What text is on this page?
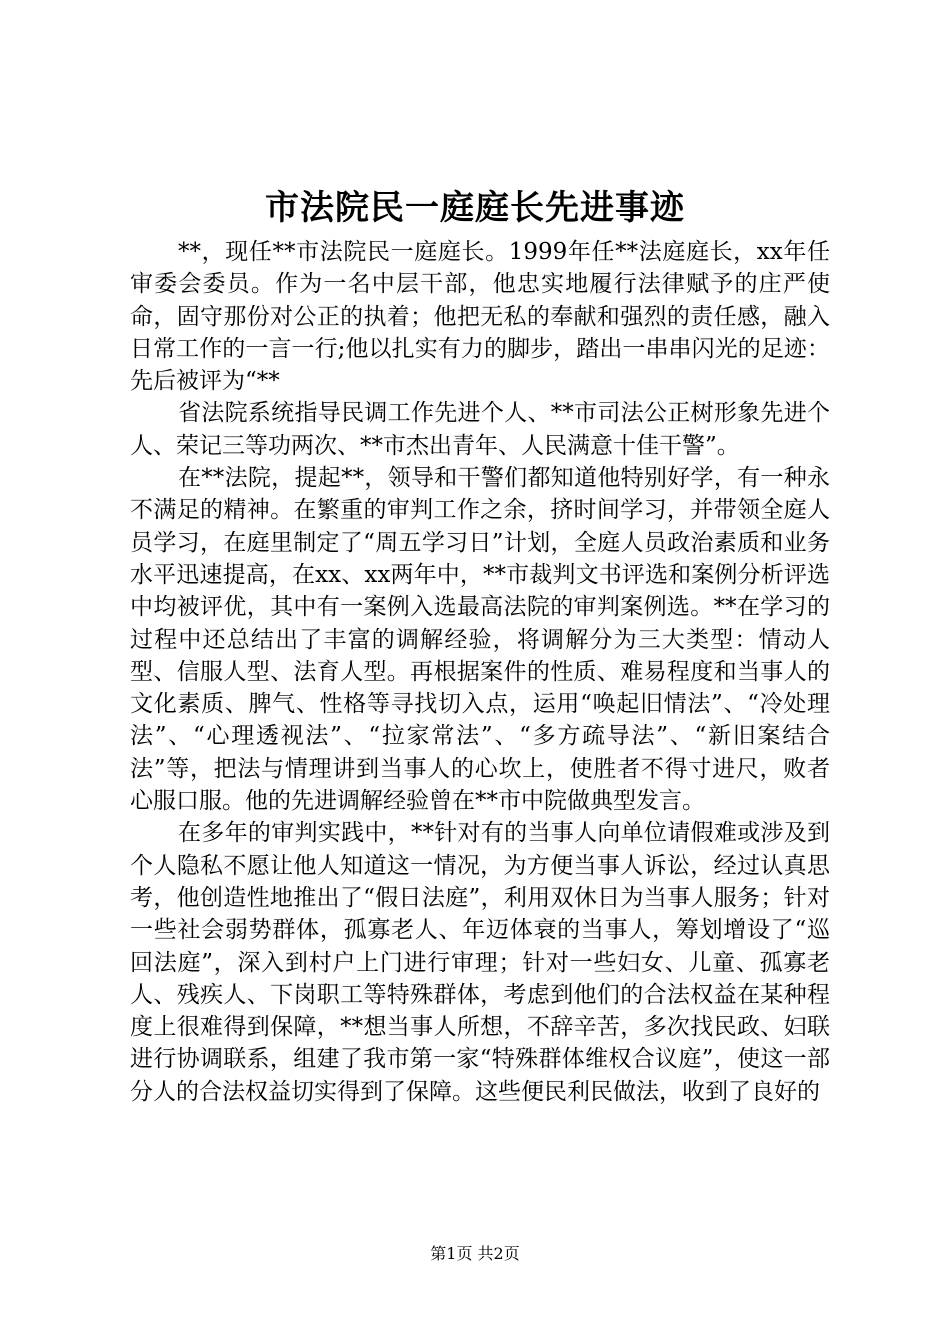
市法院民一庭庭长先进事迹

**，现任**市法院民一庭庭长。1999年任**法庭庭长，xx年任审委会委员。作为一名中层干部，他忠实地履行法律赋予的庄严使命，固守那份对公正的执着；他把无私的奉献和强烈的责任感，融入日常工作的一言一行;他以扎实有力的脚步，踏出一串串闪光的足迹：先后被评为“**

省法院系统指导民调工作先进个人、**市司法公正树形象先进个人、荣记三等功两次、**市杰出青年、人民满意十佳干警”。

在**法院，提起**，领导和干警们都知道他特别好学，有一种永不满足的精神。在繁重的审判工作之余，挤时间学习，并带领全庭人员学习，在庭里制定了“周五学习日”计划，全庭人员政治素质和业务水平迅速提高，在xx、xx两年中，**市裁判文书评选和案例分析评选中均被评优，其中有一案例入选最高法院的审判案例选。**在学习的过程中还总结出了丰富的调解经验，将调解分为三大类型：情动人型、信服人型、法育人型。再根据案件的性质、难易程度和当事人的文化素质、脾气、性格等寻找切入点，运用“唤起旧情法”、“冷处理法”、“心理透视法”、“拉家常法”、“多方疏导法”、“新旧案结合法”等，把法与情理讲到当事人的心坎上，使胜者不得寸进尺，败者心服口服。他的先进调解经验曾在**市中院做典型发言。

在多年的审判实践中，**针对有的当事人向单位请假难或涉及到个人隐私不愿让他人知道这一情况，为方便当事人诉讼，经过认真思考，他创造性地推出了“假日法庭”，利用双休日为当事人服务；针对一些社会弱势群体，孤寡老人、年迈体衰的当事人，筹划增设了“巡回法庭”，深入到村户上门进行审理；针对一些妇女、儿童、孤寡老人、残疾人、下岗职工等特殊群体，考虑到他们的合法权益在某种程度上很难得到保障，**想当事人所想，不辞辛苦，多次找民政、妇联进行协调联系，组建了我市第一家“特殊群体维权合议庭”，使这一部分人的合法权益切实得到了保障。这些便民利民做法，收到了良好的

第1页 共2页
